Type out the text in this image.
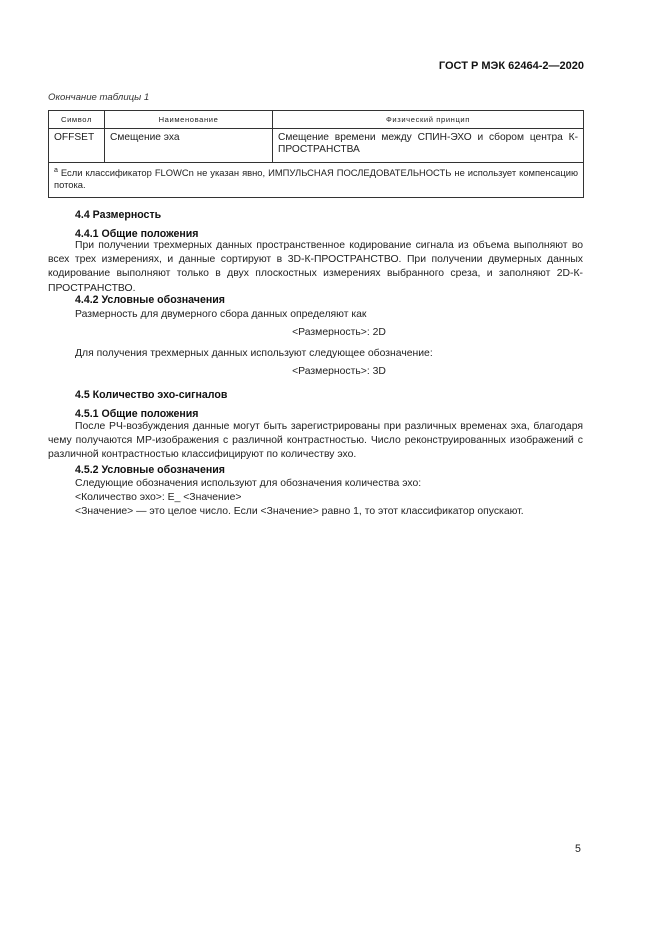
ГОСТ Р МЭК 62464-2—2020
Окончание таблицы 1
Символ	Наименование	Физический принцип
OFFSET	Смещение эха	Смещение времени между СПИН-ЭХО и сбором центра К-ПРОСТРАНСТВА
$^a$ Если классификатор FLOWCn не указан явно, ИМПУЛЬСНАЯ ПОСЛЕДОВАТЕЛЬНОСТЬ не использует компенсацию потока.		
4.4 Размерность
4.4.1 Общие положения

При получении трехмерных данных пространственное кодирование сигнала из объема выполняют во всех трех измерениях, и данные сортируют в 3D-К-ПРОСТРАНСТВО. При получении двумерных данных кодирование выполняют только в двух плоскостных измерениях выбранного среза, и заполняют 2D-К-ПРОСТРАНСТВО.

4.4.2 Условные обозначения
Размерность для двумерного сбора данных определяют как
<Размерность>: 2D
Для получения трехмерных данных используют следующее обозначение:
<Размерность>: 3D
4.5 Количество эхо-сигналов
4.5.1 Общие положения

После РЧ-возбуждения данные могут быть зарегистрированы при различных временах эха, благодаря чему получаются МР-изображения с различной контрастностью. Число реконструированных изображений с различной контрастностью классифицируют по количеству эхо.

4.5.2 Условные обозначения
Следующие обозначения используют для обозначения количества эхо:
<Количество эхо>: E_ <Значение>
<Значение> — это целое число. Если <Значение> равно 1, то этот классификатор опускают.
5
